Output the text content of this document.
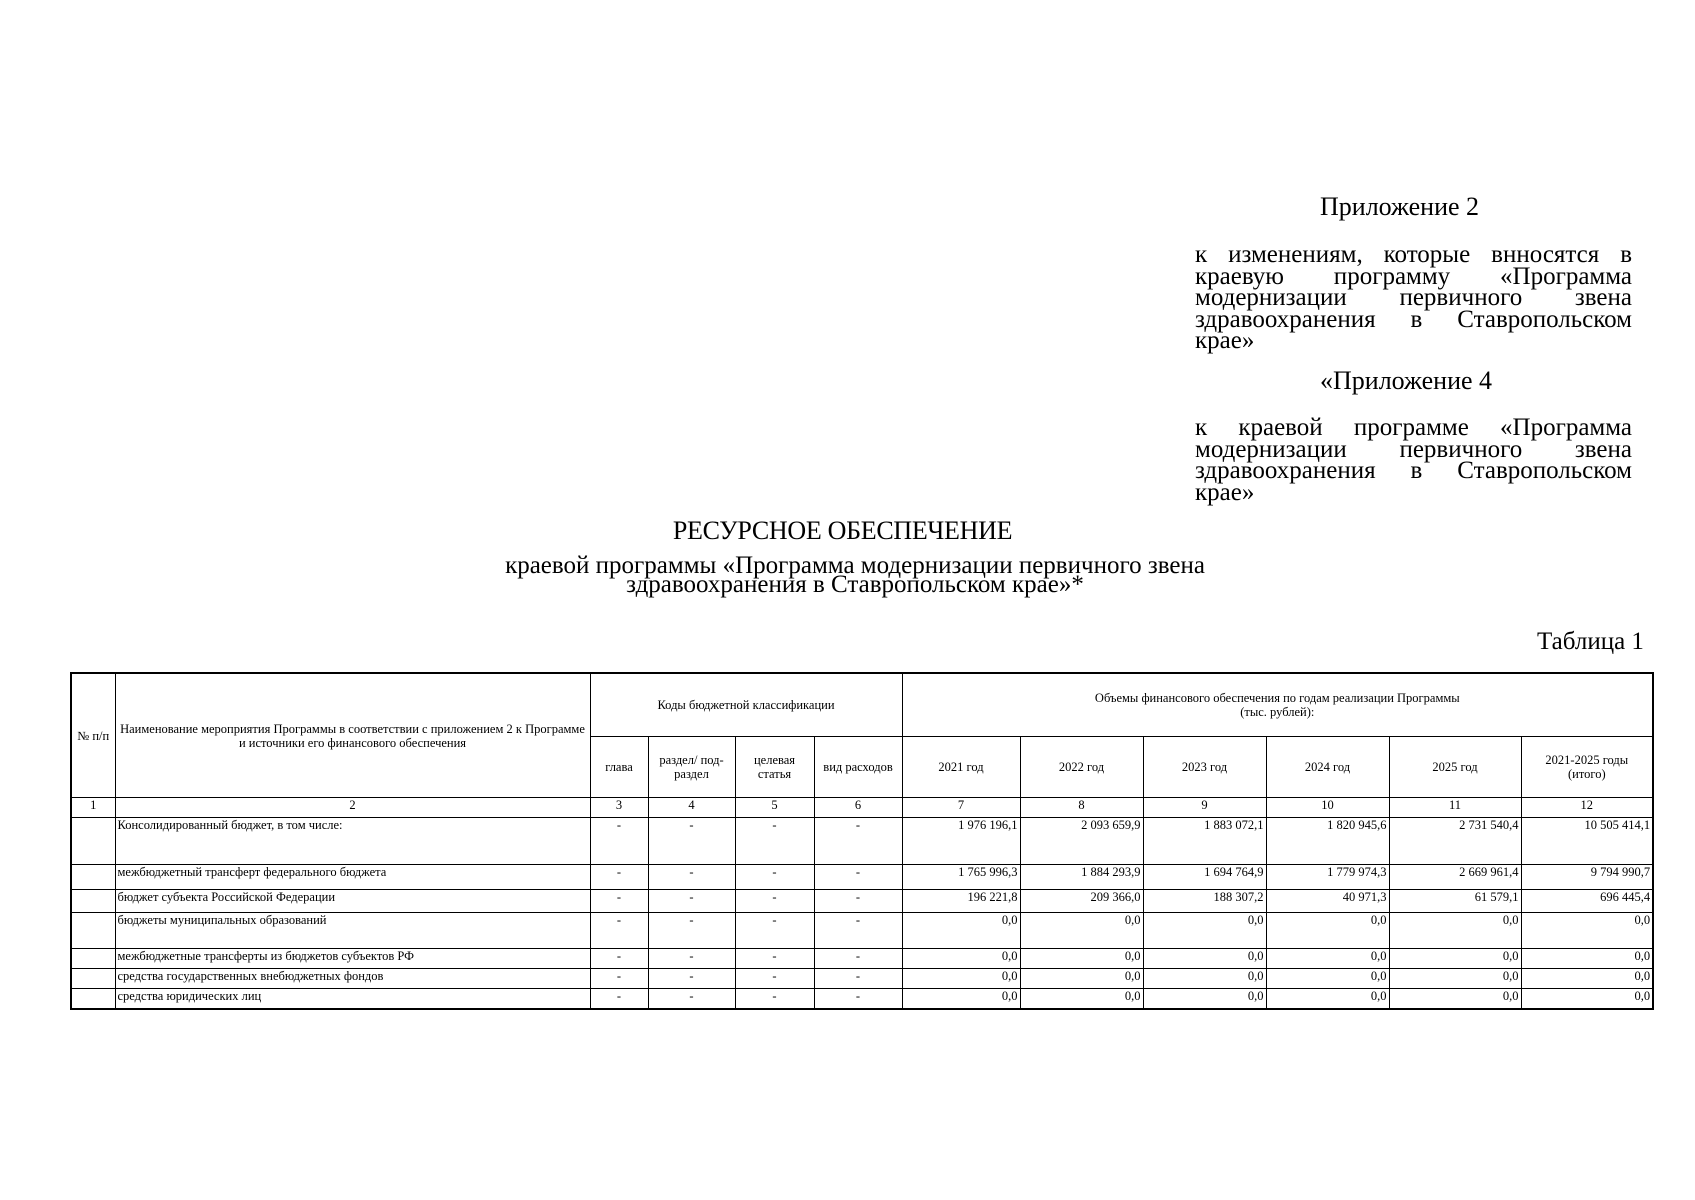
Приложение 2
к изменениям, которые внносятся в краевую программу «Программа модернизации первичного звена здравоохранения в Ставропольском крае»
«Приложение 4
к краевой программе «Программа модернизации первичного звена здравоохранения в Ставропольском крае»
РЕСУРСНОЕ ОБЕСПЕЧЕНИЕ
краевой программы «Программа модернизации первичного звена
здравоохранения в Ставропольском крае»*
Таблица 1
№ п/п	Наименование мероприятия Программы в соответствии с приложением 2 к Программе и источники его финансового обеспечения	Коды бюджетной классификации				Объемы финансового обеспечения по годам реализации Программы
(тыс. рублей):					

		глава	раздел/ под- раздел	целевая статья	вид расходов	2021 год	2022 год	2023 год	2024 год	2025 год	2021-2025 годы
(итого)

1	2	3	4	5	6	7	8	9	10	11	12
	Консолидированный бюджет, в том числе:	-	-	-	-	1 976 196,1	2 093 659,9	1 883 072,1	1 820 945,6	2 731 540,4	10 505 414,1
	межбюджетный трансферт федерального бюджета	-	-	-	-	1 765 996,3	1 884 293,9	1 694 764,9	1 779 974,3	2 669 961,4	9 794 990,7
	бюджет субъекта Российской Федерации	-	-	-	-	196 221,8	209 366,0	188 307,2	40 971,3	61 579,1	696 445,4
	бюджеты муниципальных образований	-	-	-	-	0,0	0,0	0,0	0,0	0,0	0,0
	межбюджетные трансферты из бюджетов субъектов РФ	-	-	-	-	0,0	0,0	0,0	0,0	0,0	0,0
	средства государственных внебюджетных фондов	-	-	-	-	0,0	0,0	0,0	0,0	0,0	0,0
	средства юридических лиц	-	-	-	-	0,0	0,0	0,0	0,0	0,0	0,0
